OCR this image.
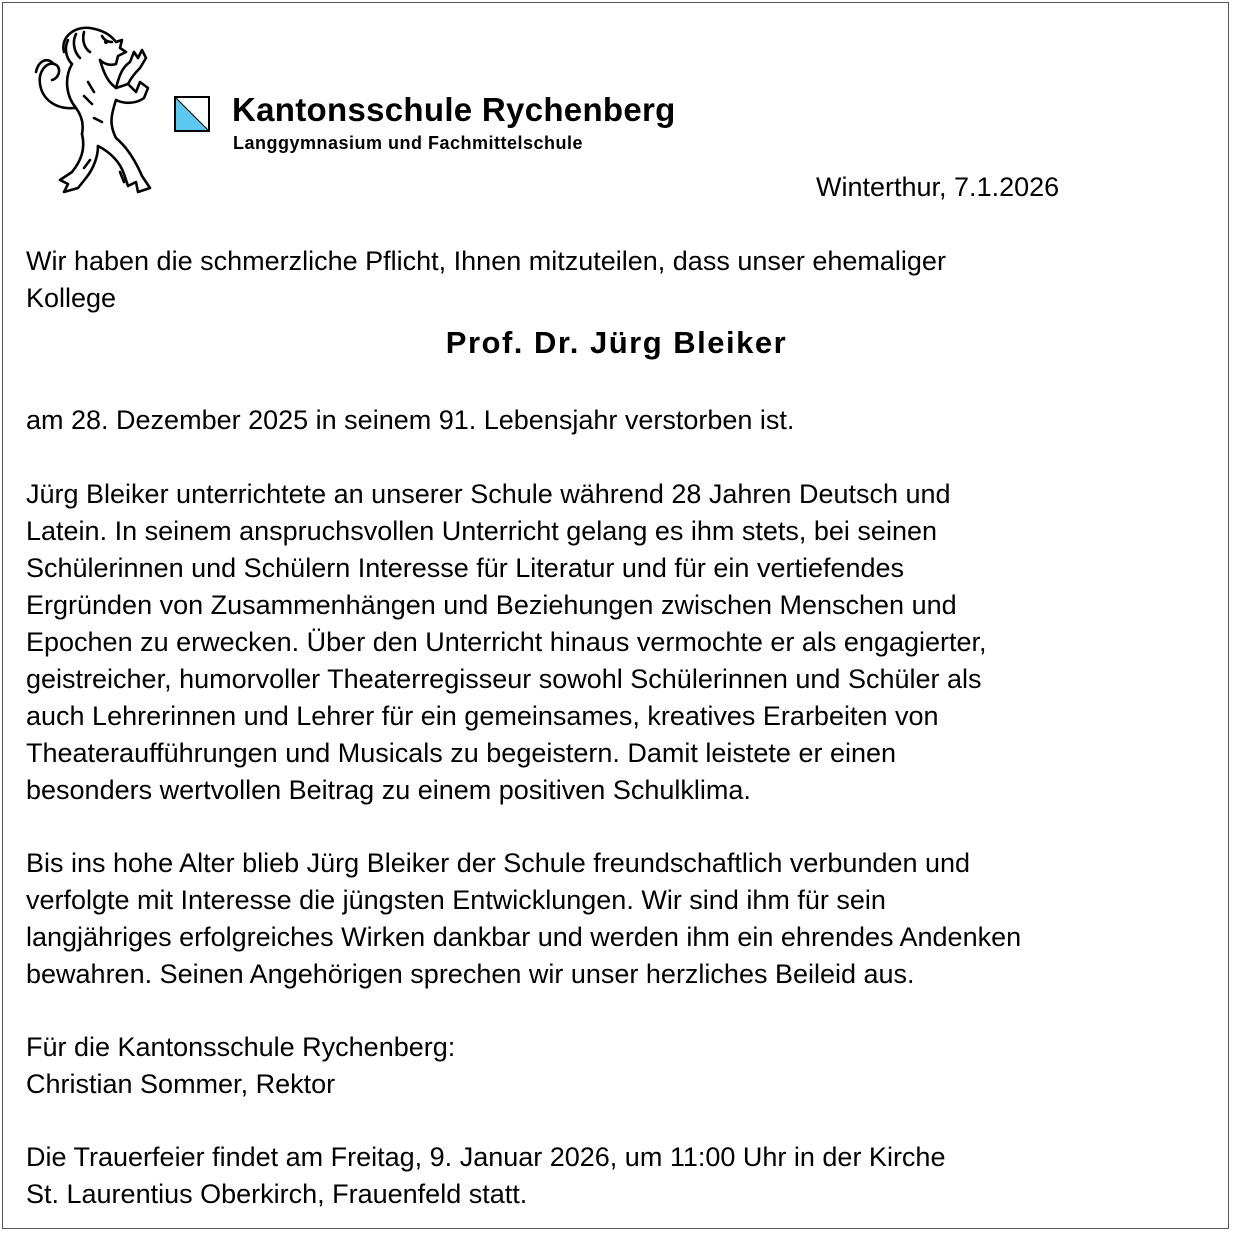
Kantonsschule Rychenberg
Langgymnasium und Fachmittelschule
Winterthur, 7.1.2026
Wir haben die schmerzliche Pflicht, Ihnen mitzuteilen, dass unser ehemaliger
Kollege
Prof. Dr. Jürg Bleiker
am 28. Dezember 2025 in seinem 91. Lebensjahr verstorben ist.
Jürg Bleiker unterrichtete an unserer Schule während 28 Jahren Deutsch und
Latein. In seinem anspruchsvollen Unterricht gelang es ihm stets, bei seinen
Schülerinnen und Schülern Interesse für Literatur und für ein vertiefendes
Ergründen von Zusammenhängen und Beziehungen zwischen Menschen und
Epochen zu erwecken. Über den Unterricht hinaus vermochte er als engagierter,
geistreicher, humorvoller Theaterregisseur sowohl Schülerinnen und Schüler als
auch Lehrerinnen und Lehrer für ein gemeinsames, kreatives Erarbeiten von
Theateraufführungen und Musicals zu begeistern. Damit leistete er einen
besonders wertvollen Beitrag zu einem positiven Schulklima.
Bis ins hohe Alter blieb Jürg Bleiker der Schule freundschaftlich verbunden und
verfolgte mit Interesse die jüngsten Entwicklungen. Wir sind ihm für sein
langjähriges erfolgreiches Wirken dankbar und werden ihm ein ehrendes Andenken
bewahren. Seinen Angehörigen sprechen wir unser herzliches Beileid aus.
Für die Kantonsschule Rychenberg:
Christian Sommer, Rektor
Die Trauerfeier findet am Freitag, 9. Januar 2026, um 11:00 Uhr in der Kirche
St. Laurentius Oberkirch, Frauenfeld statt.
